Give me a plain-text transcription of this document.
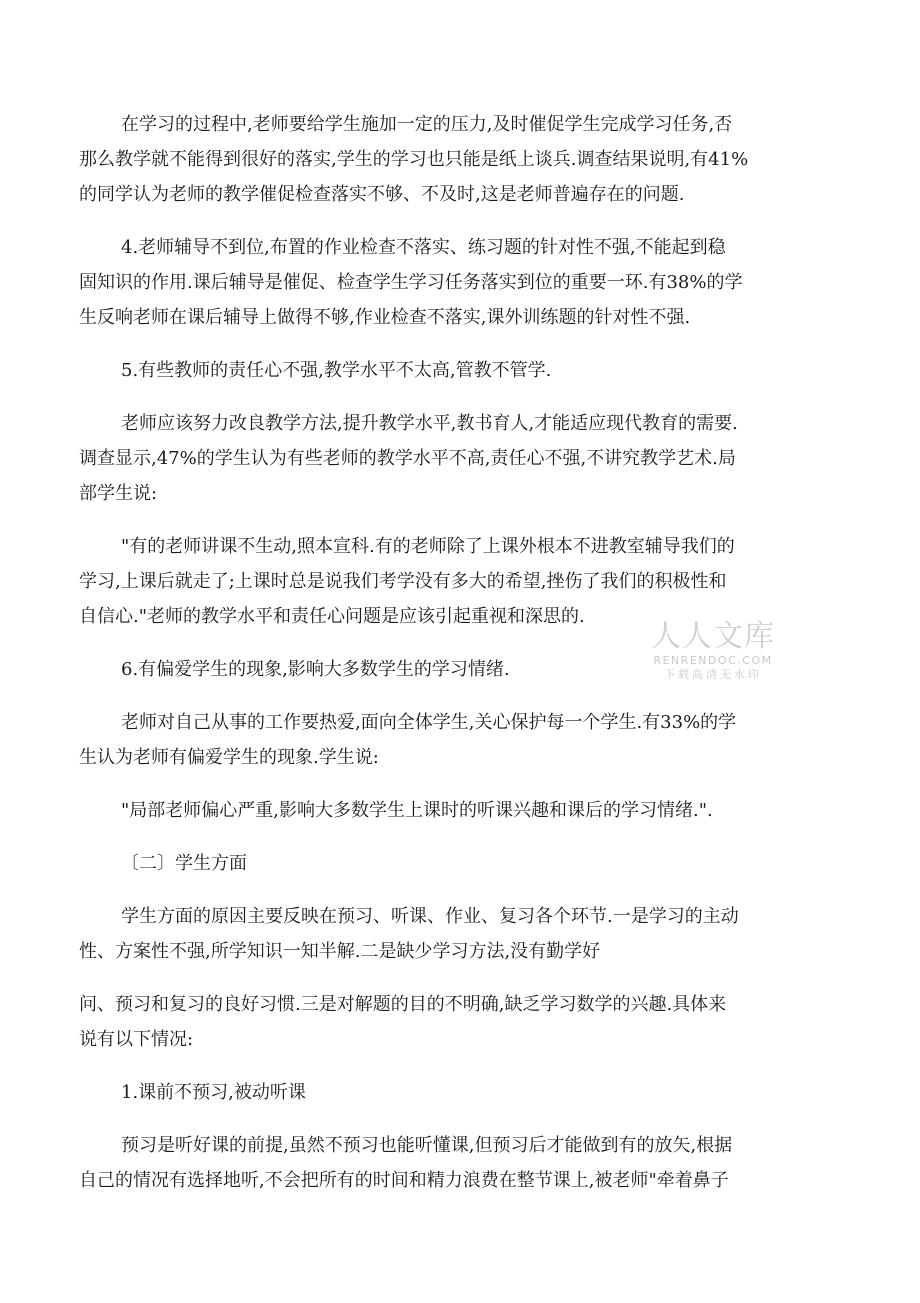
在学习的过程中,老师要给学生施加一定的压力,及时催促学生完成学习任务,否
那么教学就不能得到很好的落实,学生的学习也只能是纸上谈兵.调查结果说明,有41%
的同学认为老师的教学催促检查落实不够、不及时,这是老师普遍存在的问题.
4.老师辅导不到位,布置的作业检查不落实、练习题的针对性不强,不能起到稳
固知识的作用.课后辅导是催促、检查学生学习任务落实到位的重要一环.有38%的学
生反响老师在课后辅导上做得不够,作业检查不落实,课外训练题的针对性不强.
5.有些教师的责任心不强,教学水平不太高,管教不管学.
老师应该努力改良教学方法,提升教学水平,教书育人,才能适应现代教育的需要.
调查显示,47%的学生认为有些老师的教学水平不高,责任心不强,不讲究教学艺术.局
部学生说:
"有的老师讲课不生动,照本宣科.有的老师除了上课外根本不进教室辅导我们的
学习,上课后就走了;上课时总是说我们考学没有多大的希望,挫伤了我们的积极性和
自信心."老师的教学水平和责任心问题是应该引起重视和深思的.
6.有偏爱学生的现象,影响大多数学生的学习情绪.
老师对自己从事的工作要热爱,面向全体学生,关心保护每一个学生.有33%的学
生认为老师有偏爱学生的现象.学生说:
"局部老师偏心严重,影响大多数学生上课时的听课兴趣和课后的学习情绪.".
〔二〕学生方面
学生方面的原因主要反映在预习、听课、作业、复习各个环节.一是学习的主动
性、方案性不强,所学知识一知半解.二是缺少学习方法,没有勤学好
问、预习和复习的良好习惯.三是对解题的目的不明确,缺乏学习数学的兴趣.具体来
说有以下情况:
1.课前不预习,被动听课
预习是听好课的前提,虽然不预习也能听懂课,但预习后才能做到有的放矢,根据
自己的情况有选择地听,不会把所有的时间和精力浪费在整节课上,被老师"牵着鼻子
人人文库
RENRENDOC.COM
下载高清无水印
